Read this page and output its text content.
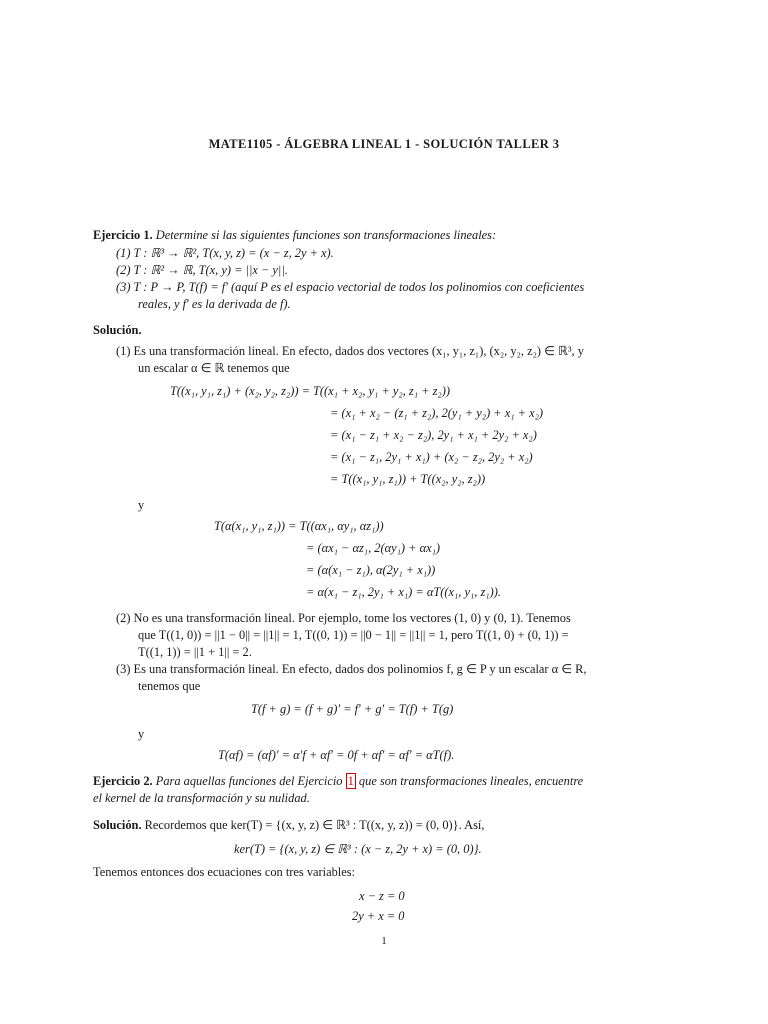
MATE1105 - ÁLGEBRA LINEAL 1 - SOLUCIÓN TALLER 3
Ejercicio 1. Determine si las siguientes funciones son transformaciones lineales:
(1) T : ℝ³ → ℝ², T(x, y, z) = (x − z, 2y + x).
(2) T : ℝ² → ℝ, T(x, y) = ||x − y||.
(3) T : P → P, T(f) = f′ (aquí P es el espacio vectorial de todos los polinomios con coeficientes
reales, y f′ es la derivada de f).
Solución.
(1) Es una transformación lineal. En efecto, dados dos vectores (x₁, y₁, z₁), (x₂, y₂, z₂) ∈ ℝ³, y
un escalar α ∈ ℝ tenemos que
T((x₁, y₁, z₁) + (x₂, y₂, z₂)) = T((x₁ + x₂, y₁ + y₂, z₁ + z₂))
= (x₁ + x₂ − (z₁ + z₂), 2(y₁ + y₂) + x₁ + x₂)
= (x₁ − z₁ + x₂ − z₂), 2y₁ + x₁ + 2y₂ + x₂)
= (x₁ − z₁, 2y₁ + x₁) + (x₂ − z₂, 2y₂ + x₂)
= T((x₁, y₁, z₁)) + T((x₂, y₂, z₂))
y
T(α(x₁, y₁, z₁)) = T((αx₁, αy₁, αz₁))
= (αx₁ − αz₁, 2(αy₁) + αx₁)
= (α(x₁ − z₁), α(2y₁ + x₁))
= α(x₁ − z₁, 2y₁ + x₁) = αT((x₁, y₁, z₁)).
(2) No es una transformación lineal. Por ejemplo, tome los vectores (1, 0) y (0, 1). Tenemos
que T((1, 0)) = ||1 − 0|| = ||1|| = 1, T((0, 1)) = ||0 − 1|| = ||1|| = 1, pero T((1, 0) + (0, 1)) =
T((1, 1)) = ||1 + 1|| = 2.
(3) Es una transformación lineal. En efecto, dados dos polinomios f, g ∈ P y un escalar α ∈ R,
tenemos que
T(f + g) = (f + g)′ = f′ + g′ = T(f) + T(g)
y
T(αf) = (αf)′ = α′f + αf′ = 0f + αf′ = αf′ = αT(f).
Ejercicio 2. Para aquellas funciones del Ejercicio 1 que son transformaciones lineales, encuentre
el kernel de la transformación y su nulidad.
Solución. Recordemos que ker(T) = {(x, y, z) ∈ ℝ³ : T((x, y, z)) = (0, 0)}. Así,
ker(T) = {(x, y, z) ∈ ℝ³ : (x − z, 2y + x) = (0, 0)}.
Tenemos entonces dos ecuaciones con tres variables:
x − z = 0
2y + x = 0
1
